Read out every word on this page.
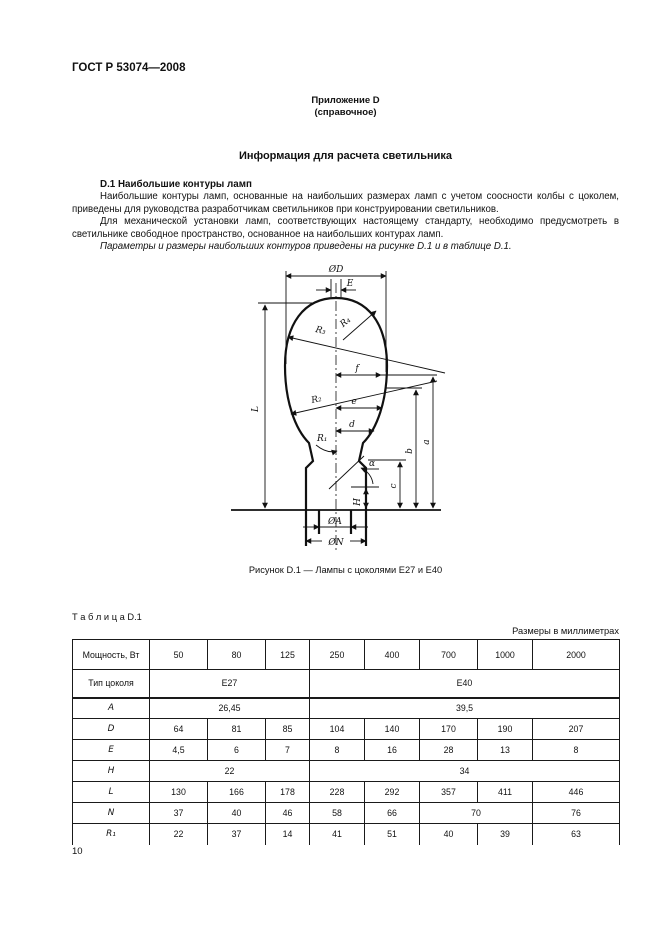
ГОСТ Р 53074—2008
Приложение D
(справочное)
Информация для расчета светильника
D.1 Наибольшие контуры ламп

Наибольшие контуры ламп, основанные на наибольших размерах ламп с учетом соосности колбы с цоколем, приведены для руководства разработчикам светильников при конструировании светильников.

Для механической установки ламп, соответствующих настоящему стандарту, необходимо предусмотреть в светильнике свободное пространство, основанное на наибольших контурах ламп.

Параметры и размеры наибольших контуров приведены на рисунке D.1 и в таблице D.1.

ØD
E
R₄
R₃
f
R₂	e
d
R₁
α
H
c
b
a
L
ØA
ØN
Рисунок D.1 — Лампы с цоколями Е27 и Е40
Т а б л и ц а D.1
Размеры в миллиметрах
Мощность, Вт	50	80	125	250	400	700	1000	2000
Тип цоколя	Е27			Е40				
A	26,45			39,5				
D	64	81	85	104	140	170	190	207
E	4,5	6	7	8	16	28	13	8
H	22			34				
L	130	166	178	228	292	357	411	446
N	37	40	46	58	66	70		76
R₁	22	37	14	41	51	40	39	63
10
